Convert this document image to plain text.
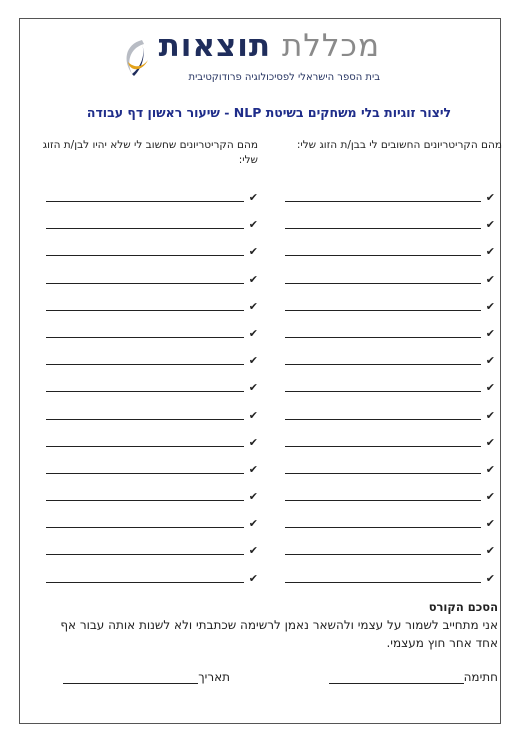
מכללת תוצאות
בית הספר הישראלי לפסיכולוגיה פרודוקטיבית
ליצור זוגיות בלי משחקים בשיטת NLP - שיעור ראשון דף עבודה
מהם הקריטריונים החשובים לי בבן/ת הזוג שלי:
מהם הקריטריונים שחשוב לי שלא יהיו לבן/ת הזוג שלי:
✔
✔
✔
✔
✔
✔
✔
✔
✔
✔
✔
✔
✔
✔
✔
✔
✔
✔
✔
✔
✔
✔
✔
✔
✔
✔
✔
✔
✔
✔
הסכם הקורס
אני מתחייב לשמור על עצמי ולהשאר נאמן לרשימה שכתבתי ולא לשנות אותה עבור אף אחד אחר חוץ מעצמי.
חתימה
תאריך
